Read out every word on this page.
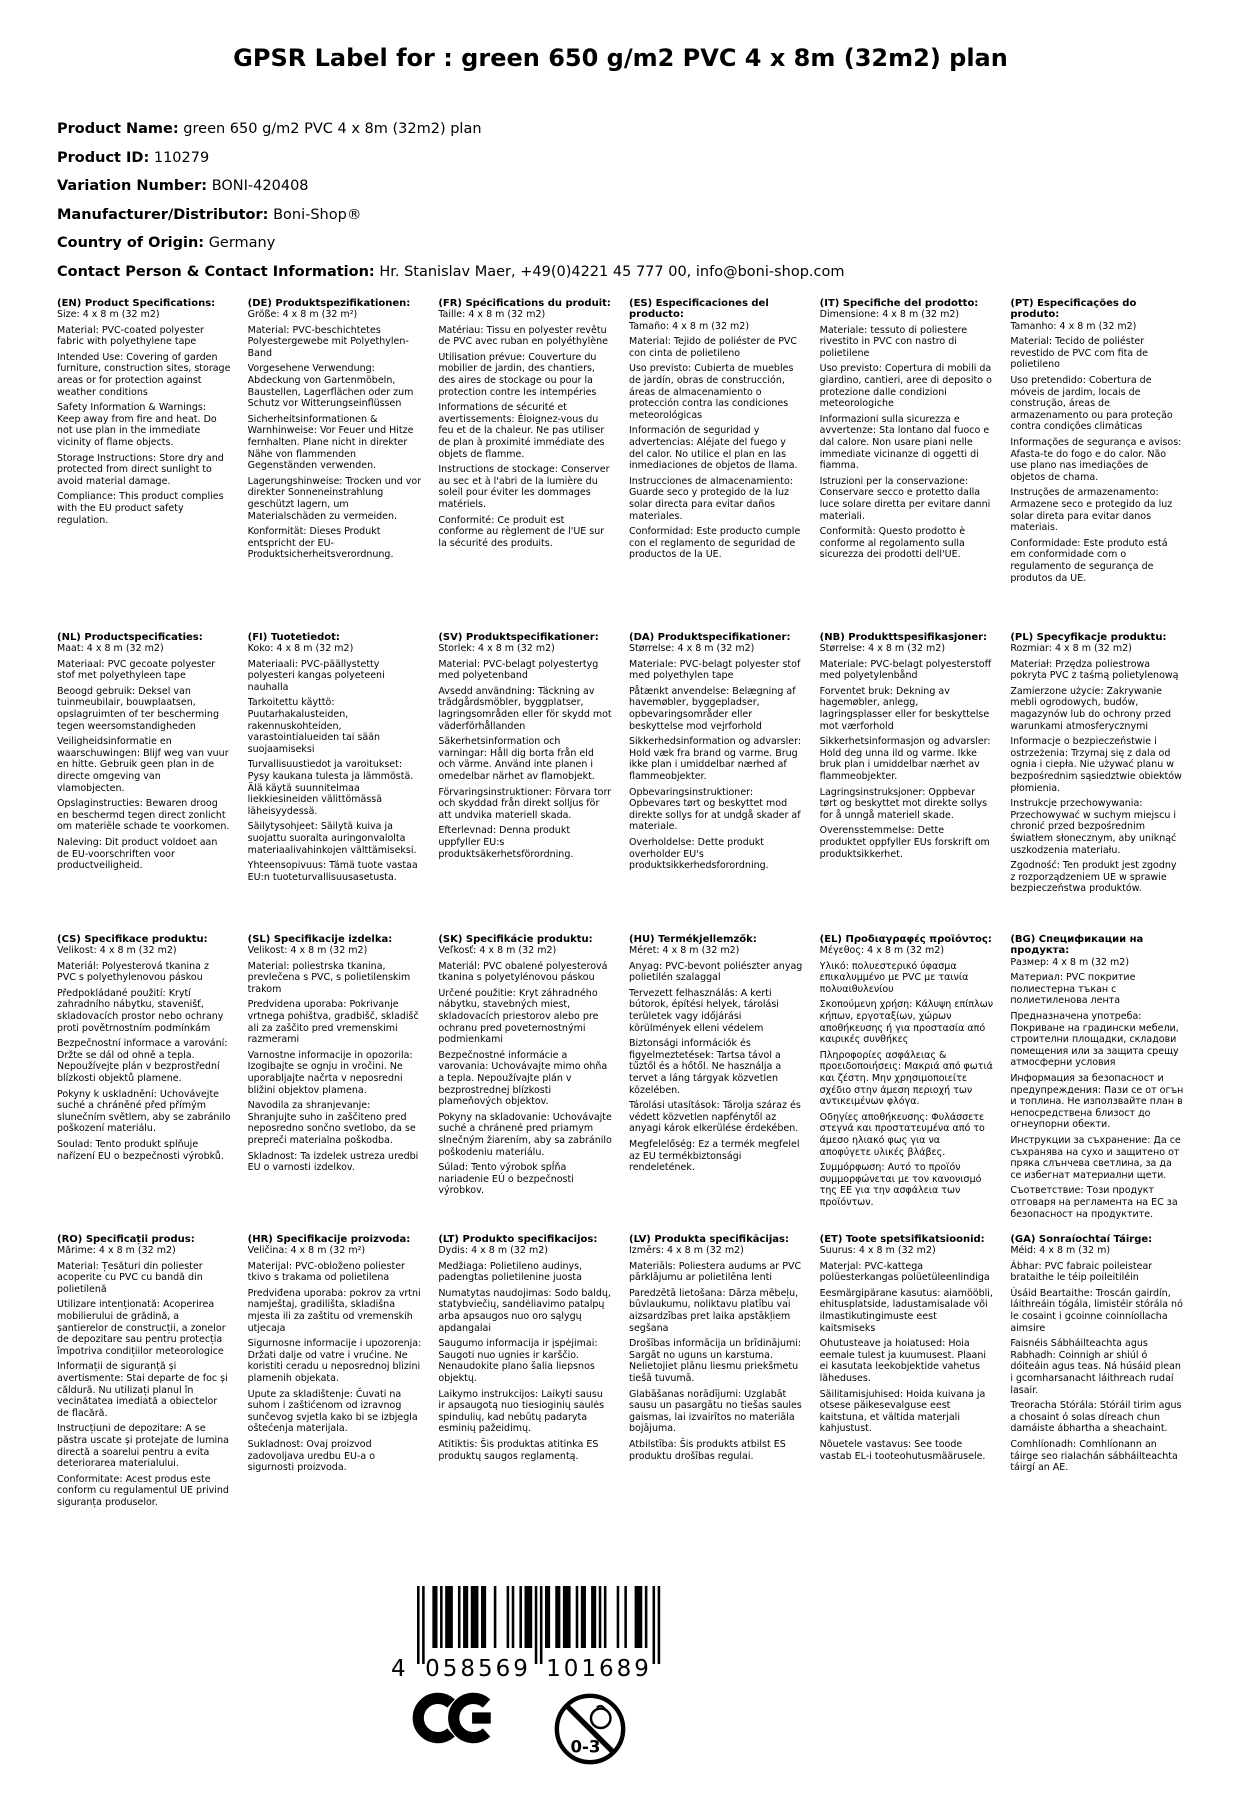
GPSR Label for : green 650 g/m2 PVC 4 x 8m (32m2) plan
Product Name: green 650 g/m2 PVC 4 x 8m (32m2) plan
Product ID: 110279
Variation Number: BONI-420408
Manufacturer/Distributor: Boni-Shop®
Country of Origin: Germany
Contact Person & Contact Information: Hr. Stanislav Maer, +49(0)4221 45 777 00, info@boni-shop.com
(EN) Product Specifications:

Size: 4 x 8 m (32 m2)

Material: PVC-coated polyester fabric with polyethylene tape

Intended Use: Covering of garden furniture, construction sites, storage areas or for protection against weather conditions

Safety Information & Warnings: Keep away from fire and heat. Do not use plan in the immediate vicinity of flame objects.

Storage Instructions: Store dry and protected from direct sunlight to avoid material damage.

Compliance: This product complies with the EU product safety regulation.

(DE) Produktspezifikationen:

Größe: 4 x 8 m (32 m²)

Material: PVC-beschichtetes Polyestergewebe mit Polyethylen-Band

Vorgesehene Verwendung: Abdeckung von Gartenmöbeln, Baustellen, Lagerflächen oder zum Schutz vor Witterungseinflüssen

Sicherheitsinformationen & Warnhinweise: Vor Feuer und Hitze fernhalten. Plane nicht in direkter Nähe von flammenden Gegenständen verwenden.

Lagerungshinweise: Trocken und vor direkter Sonneneinstrahlung geschützt lagern, um Materialschäden zu vermeiden.

Konformität: Dieses Produkt entspricht der EU-Produktsicherheitsverordnung.

(FR) Spécifications du produit:

Taille: 4 x 8 m (32 m2)

Matériau: Tissu en polyester revêtu de PVC avec ruban en polyéthylène

Utilisation prévue: Couverture du mobilier de jardin, des chantiers, des aires de stockage ou pour la protection contre les intempéries

Informations de sécurité et avertissements: Éloignez-vous du feu et de la chaleur. Ne pas utiliser de plan à proximité immédiate des objets de flamme.

Instructions de stockage: Conserver au sec et à l'abri de la lumière du soleil pour éviter les dommages matériels.

Conformité: Ce produit est conforme au règlement de l'UE sur la sécurité des produits.

(ES) Especificaciones del producto:

Tamaño: 4 x 8 m (32 m2)

Material: Tejido de poliéster de PVC con cinta de polietileno

Uso previsto: Cubierta de muebles de jardín, obras de construcción, áreas de almacenamiento o protección contra las condiciones meteorológicas

Información de seguridad y advertencias: Aléjate del fuego y del calor. No utilice el plan en las inmediaciones de objetos de llama.

Instrucciones de almacenamiento: Guarde seco y protegido de la luz solar directa para evitar daños materiales.

Conformidad: Este producto cumple con el reglamento de seguridad de productos de la UE.

(IT) Specifiche del prodotto:

Dimensione: 4 x 8 m (32 m2)

Materiale: tessuto di poliestere rivestito in PVC con nastro di polietilene

Uso previsto: Copertura di mobili da giardino, cantieri, aree di deposito o protezione dalle condizioni meteorologiche

Informazioni sulla sicurezza e avvertenze: Sta lontano dal fuoco e dal calore. Non usare piani nelle immediate vicinanze di oggetti di fiamma.

Istruzioni per la conservazione: Conservare secco e protetto dalla luce solare diretta per evitare danni materiali.

Conformità: Questo prodotto è conforme al regolamento sulla sicurezza dei prodotti dell'UE.

(PT) Especificações do produto:

Tamanho: 4 x 8 m (32 m2)

Material: Tecido de poliéster revestido de PVC com fita de polietileno

Uso pretendido: Cobertura de móveis de jardim, locais de construção, áreas de armazenamento ou para proteção contra condições climáticas

Informações de segurança e avisos: Afasta-te do fogo e do calor. Não use plano nas imediações de objetos de chama.

Instruções de armazenamento: Armazene seco e protegido da luz solar direta para evitar danos materiais.

Conformidade: Este produto está em conformidade com o regulamento de segurança de produtos da UE.

(NL) Productspecificaties:

Maat: 4 x 8 m (32 m2)

Materiaal: PVC gecoate polyester stof met polyethyleen tape

Beoogd gebruik: Deksel van tuinmeubilair, bouwplaatsen, opslagruimten of ter bescherming tegen weersomstandigheden

Veiligheidsinformatie en waarschuwingen: Blijf weg van vuur en hitte. Gebruik geen plan in de directe omgeving van vlamobjecten.

Opslaginstructies: Bewaren droog en beschermd tegen direct zonlicht om materiële schade te voorkomen.

Naleving: Dit product voldoet aan de EU-voorschriften voor productveiligheid.

(FI) Tuotetiedot:

Koko: 4 x 8 m (32 m2)

Materiaali: PVC-päällystetty polyesteri kangas polyeteeni nauhalla

Tarkoitettu käyttö: Puutarhakalusteiden, rakennuskohteiden, varastointialueiden tai sään suojaamiseksi

Turvallisuustiedot ja varoitukset: Pysy kaukana tulesta ja lämmöstä. Älä käytä suunnitelmaa liekkiesineiden välittömässä läheisyydessä.

Säilytysohjeet: Säilytä kuiva ja suojattu suoralta auringonvalolta materiaalivahinkojen välttämiseksi.

Yhteensopivuus: Tämä tuote vastaa EU:n tuoteturvallisuusasetusta.

(SV) Produktspecifikationer:

Storlek: 4 x 8 m (32 m2)

Material: PVC-belagt polyestertyg med polyetenband

Avsedd användning: Täckning av trädgårdsmöbler, byggplatser, lagringsområden eller för skydd mot väderförhållanden

Säkerhetsinformation och varningar: Håll dig borta från eld och värme. Använd inte planen i omedelbar närhet av flamobjekt.

Förvaringsinstruktioner: Förvara torr och skyddad från direkt solljus för att undvika materiell skada.

Efterlevnad: Denna produkt uppfyller EU:s produktsäkerhetsförordning.

(DA) Produktspecifikationer:

Størrelse: 4 x 8 m (32 m2)

Materiale: PVC-belagt polyester stof med polyethylen tape

Påtænkt anvendelse: Belægning af havemøbler, byggepladser, opbevaringsområder eller beskyttelse mod vejrforhold

Sikkerhedsinformation og advarsler: Hold væk fra brand og varme. Brug ikke plan i umiddelbar nærhed af flammeobjekter.

Opbevaringsinstruktioner: Opbevares tørt og beskyttet mod direkte sollys for at undgå skader af materiale.

Overholdelse: Dette produkt overholder EU's produktsikkerhedsforordning.

(NB) Produkttspesifikasjoner:

Størrelse: 4 x 8 m (32 m2)

Materiale: PVC-belagt polyesterstoff med polyetylenbånd

Forventet bruk: Dekning av hagemøbler, anlegg, lagringsplasser eller for beskyttelse mot værforhold

Sikkerhetsinformasjon og advarsler: Hold deg unna ild og varme. Ikke bruk plan i umiddelbar nærhet av flammeobjekter.

Lagringsinstruksjoner: Oppbevar tørt og beskyttet mot direkte sollys for å unngå materiell skade.

Overensstemmelse: Dette produktet oppfyller EUs forskrift om produktsikkerhet.

(PL) Specyfikacje produktu:

Rozmiar: 4 x 8 m (32 m2)

Materiał: Przędza poliestrowa pokryta PVC z taśmą polietylenową

Zamierzone użycie: Zakrywanie mebli ogrodowych, budów, magazynów lub do ochrony przed warunkami atmosferycznymi

Informacje o bezpieczeństwie i ostrzeżenia: Trzymaj się z dala od ognia i ciepła. Nie używać planu w bezpośrednim sąsiedztwie obiektów płomienia.

Instrukcje przechowywania: Przechowywać w suchym miejscu i chronić przed bezpośrednim światłem słonecznym, aby uniknąć uszkodzenia materiału.

Zgodność: Ten produkt jest zgodny z rozporządzeniem UE w sprawie bezpieczeństwa produktów.

(CS) Specifikace produktu:

Velikost: 4 x 8 m (32 m2)

Materiál: Polyesterová tkanina z PVC s polyethylenovou páskou

Předpokládané použití: Krytí zahradního nábytku, stavenišť, skladovacích prostor nebo ochrany proti povětrnostním podmínkám

Bezpečnostní informace a varování: Držte se dál od ohně a tepla. Nepoužívejte plán v bezprostřední blízkosti objektů plamene.

Pokyny k uskladnění: Uchovávejte suché a chráněné před přímým slunečním světlem, aby se zabránilo poškození materiálu.

Soulad: Tento produkt splňuje nařízení EU o bezpečnosti výrobků.

(SL) Specifikacije izdelka:

Velikost: 4 x 8 m (32 m2)

Material: poliestrska tkanina, prevlečena s PVC, s polietilenskim trakom

Predvidena uporaba: Pokrivanje vrtnega pohištva, gradbišč, skladišč ali za zaščito pred vremenskimi razmerami

Varnostne informacije in opozorila: Izogibajte se ognju in vročini. Ne uporabljajte načrta v neposredni bližini objektov plamena.

Navodila za shranjevanje: Shranjujte suho in zaščiteno pred neposredno sončno svetlobo, da se prepreči materialna poškodba.

Skladnost: Ta izdelek ustreza uredbi EU o varnosti izdelkov.

(SK) Špecifikácie produktu:

Veľkosť: 4 x 8 m (32 m2)

Materiál: PVC obalené polyesterová tkanina s polyetylénovou páskou

Určené použitie: Kryt záhradného nábytku, stavebných miest, skladovacích priestorov alebo pre ochranu pred poveternostnými podmienkami

Bezpečnostné informácie a varovania: Uchovávajte mimo ohňa a tepla. Nepoužívajte plán v bezprostrednej blízkosti plameňových objektov.

Pokyny na skladovanie: Uchovávajte suché a chránené pred priamym slnečným žiarením, aby sa zabránilo poškodeniu materiálu.

Súlad: Tento výrobok spĺňa nariadenie EÚ o bezpečnosti výrobkov.

(HU) Termékjellemzők:

Méret: 4 x 8 m (32 m2)

Anyag: PVC-bevont poliészter anyag polietilén szalaggal

Tervezett felhasználás: A kerti bútorok, építési helyek, tárolási területek vagy időjárási körülmények elleni védelem

Biztonsági információk és figyelmeztetések: Tartsa távol a tűztől és a hőtől. Ne használja a tervet a láng tárgyak közvetlen közelében.

Tárolási utasítások: Tárolja száraz és védett közvetlen napfénytől az anyagi károk elkerülése érdekében.

Megfelelőség: Ez a termék megfelel az EU termékbiztonsági rendeletének.

(EL) Προδιαγραφές προϊόντος:

Μέγεθος: 4 x 8 m (32 m2)

Υλικό: πολυεστερικό ύφασμα επικαλυμμένο με PVC με ταινία πολυαιθυλενίου

Σκοπούμενη χρήση: Κάλυψη επίπλων κήπων, εργοταξίων, χώρων αποθήκευσης ή για προστασία από καιρικές συνθήκες

Πληροφορίες ασφάλειας & προειδοποιήσεις: Μακριά από φωτιά και ζέστη. Μην χρησιμοποιείτε σχέδιο στην άμεση περιοχή των αντικειμένων φλόγα.

Οδηγίες αποθήκευσης: Φυλάσσετε στεγνά και προστατευμένα από το άμεσο ηλιακό φως για να αποφύγετε υλικές βλάβες.

Συμμόρφωση: Αυτό το προϊόν συμμορφώνεται με τον κανονισμό της ΕΕ για την ασφάλεια των προϊόντων.

(BG) Спецификации на продукта:

Размер: 4 x 8 m (32 m2)

Материал: PVC покритие полиестерна тъкан с полиетиленова лента

Предназначена употреба: Покриване на градински мебели, строителни площадки, складови помещения или за защита срещу атмосферни условия

Информация за безопасност и предупреждения: Пази се от огън и топлина. Не използвайте план в непосредствена близост до огнеупорни обекти.

Инструкции за съхранение: Да се съхранява на сухо и защитено от пряка слънчева светлина, за да се избегнат материални щети.

Съответствие: Този продукт отговаря на регламента на ЕС за безопасност на продуктите.

(RO) Specificații produs:

Mărime: 4 x 8 m (32 m2)

Material: Țesături din poliester acoperite cu PVC cu bandă din polietilenă

Utilizare intenționată: Acoperirea mobilierului de grădină, a șantierelor de construcții, a zonelor de depozitare sau pentru protecția împotriva condițiilor meteorologice

Informații de siguranță și avertismente: Stai departe de foc și căldură. Nu utilizați planul în vecinătatea imediată a obiectelor de flacără.

Instrucțiuni de depozitare: A se păstra uscate și protejate de lumina directă a soarelui pentru a evita deteriorarea materialului.

Conformitate: Acest produs este conform cu regulamentul UE privind siguranța produselor.

(HR) Specifikacije proizvoda:

Veličina: 4 x 8 m (32 m²)

Materijal: PVC-obloženo poliester tkivo s trakama od polietilena

Predviđena uporaba: pokrov za vrtni namještaj, gradilišta, skladišna mjesta ili za zaštitu od vremenskih utjecaja

Sigurnosne informacije i upozorenja: Držati dalje od vatre i vrućine. Ne koristiti ceradu u neposrednoj blizini plamenih objekata.

Upute za skladištenje: Čuvati na suhom i zaštićenom od izravnog sunčevog svjetla kako bi se izbjegla oštećenja materijala.

Sukladnost: Ovaj proizvod zadovoljava uredbu EU-a o sigurnosti proizvoda.

(LT) Produkto specifikacijos:

Dydis: 4 x 8 m (32 m2)

Medžiaga: Polietileno audinys, padengtas polietilenine juosta

Numatytas naudojimas: Sodo baldų, statybviečių, sandėliavimo patalpų arba apsaugos nuo oro sąlygų apdangalai

Saugumo informacija ir įspėjimai: Saugoti nuo ugnies ir karščio. Nenaudokite plano šalia liepsnos objektų.

Laikymo instrukcijos: Laikyti sausu ir apsaugotą nuo tiesioginių saulės spindulių, kad nebūtų padaryta esminių pažeidimų.

Atitiktis: Šis produktas atitinka ES produktų saugos reglamentą.

(LV) Produkta specifikācijas:

Izmērs: 4 x 8 m (32 m2)

Materiāls: Poliestera audums ar PVC pārklājumu ar polietilēna lenti

Paredzētā lietošana: Dārza mēbeļu, būvlaukumu, noliktavu platību vai aizsardzības pret laika apstākļiem segšana

Drošības informācija un brīdinājumi: Sargāt no uguns un karstuma. Nelietojiet plānu liesmu priekšmetu tiešā tuvumā.

Glabāšanas norādījumi: Uzglabāt sausu un pasargātu no tiešas saules gaismas, lai izvairītos no materiāla bojājuma.

Atbilstība: Šis produkts atbilst ES produktu drošības regulai.

(ET) Toote spetsifikatsioonid:

Suurus: 4 x 8 m (32 m2)

Materjal: PVC-kattega polüesterkangas polüetüleenlindiga

Eesmärgipärane kasutus: aiamööbli, ehitusplatside, ladustamisalade või ilmastikutingimuste eest kaitsmiseks

Ohutusteave ja hoiatused: Hoia eemale tulest ja kuumusest. Plaani ei kasutata leekobjektide vahetus läheduses.

Säilitamisjuhised: Hoida kuivana ja otsese päikesevalguse eest kaitstuna, et vältida materjali kahjustust.

Nõuetele vastavus: See toode vastab EL-i tooteohutusmäärusele.

(GA) Sonraíochtaí Táirge:

Méid: 4 x 8 m (32 m)

Ábhar: PVC fabraic poileistear brataithe le téip poileitiléin

Úsáid Beartaithe: Troscán gairdín, láithreáin tógála, limistéir stórála nó le cosaint i gcoinne coinníollacha aimsire

Faisnéis Sábháilteachta agus Rabhadh: Coinnigh ar shiúl ó dóiteáin agus teas. Ná húsáid plean i gcomharsanacht láithreach rudaí lasair.

Treoracha Stórála: Stóráil tirim agus a chosaint ó solas díreach chun damáiste ábhartha a sheachaint.

Comhlíonadh: Comhlíonann an táirge seo rialachán sábháilteachta táirgí an AE.

4 058569 101689
0-3
